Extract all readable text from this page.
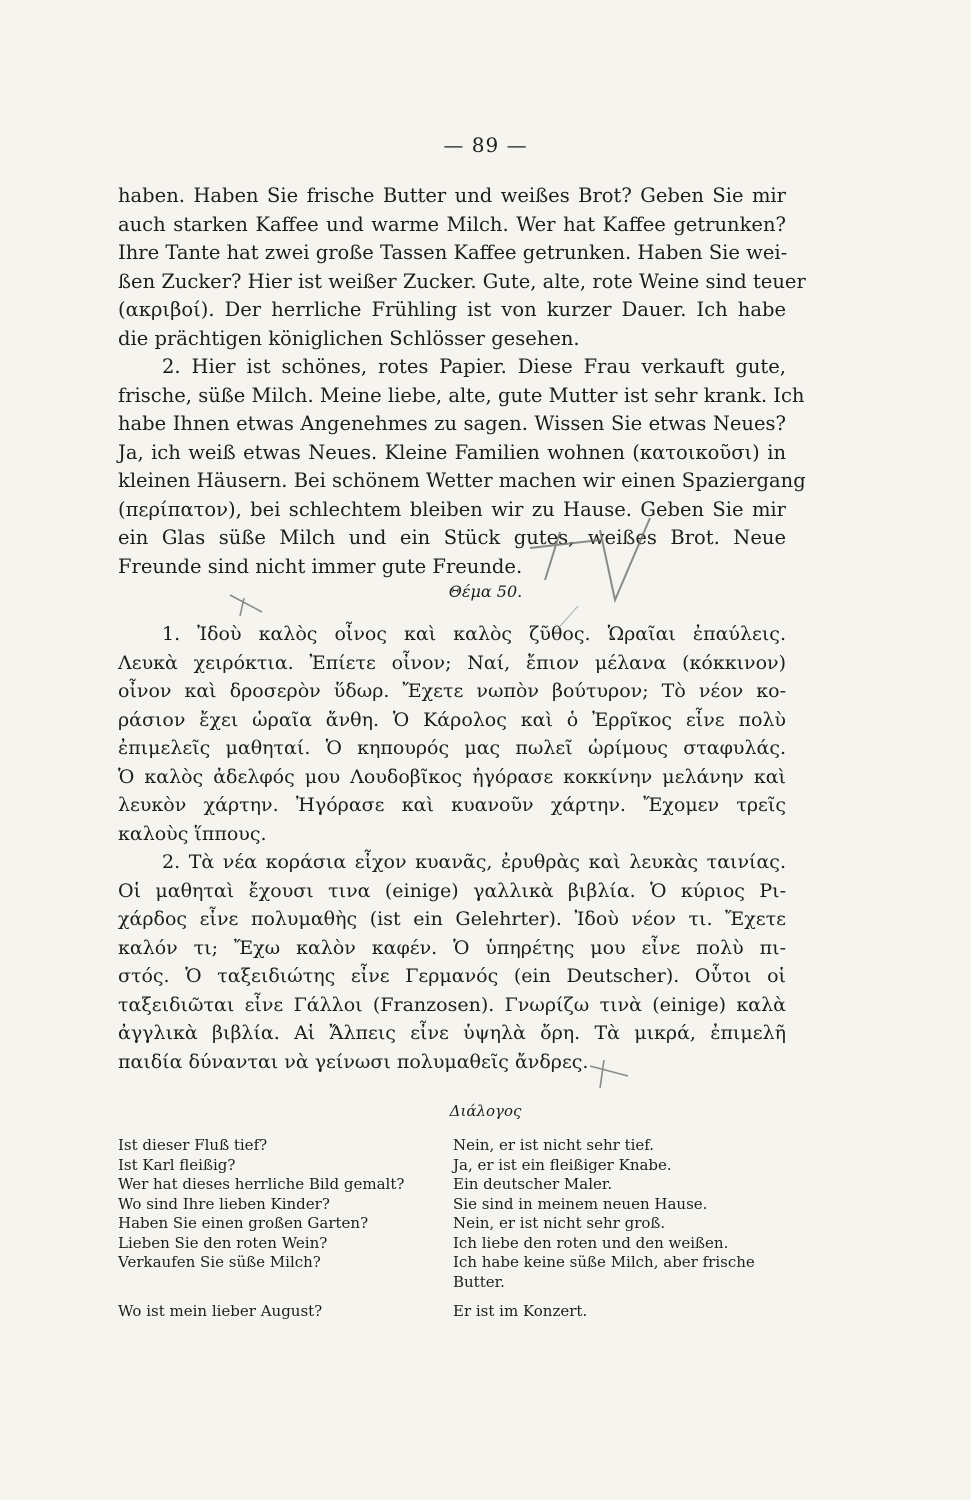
— 89 —
haben. Haben Sie frische Butter und weißes Brot? Geben Sie mir
auch starken Kaffee und warme Milch. Wer hat Kaffee getrunken?
Ihre Tante hat zwei große Tassen Kaffee getrunken. Haben Sie wei-
ßen Zucker? Hier ist weißer Zucker. Gute, alte, rote Weine sind teuer
(ακριβοί). Der herrliche Frühling ist von kurzer Dauer. Ich habe
die prächtigen königlichen Schlösser gesehen.
2. Hier ist schönes, rotes Papier. Diese Frau verkauft gute,
frische, süße Milch. Meine liebe, alte, gute Mutter ist sehr krank. Ich
habe Ihnen etwas Angenehmes zu sagen. Wissen Sie etwas Neues?
Ja, ich weiß etwas Neues. Kleine Familien wohnen (κατοικοῦσι) in
kleinen Häusern. Bei schönem Wetter machen wir einen Spaziergang
(περίπατον), bei schlechtem bleiben wir zu Hause. Geben Sie mir
ein Glas süße Milch und ein Stück gutes, weißes Brot. Neue
Freunde sind nicht immer gute Freunde.
Θέμα 50.
1. Ἰδοὺ καλὸς οἶνος καὶ καλὸς ζῦθος. Ὡραῖαι ἐπαύλεις.
Λευκὰ χειρόκτια. Ἐπίετε οἶνον; Ναί, ἔπιον μέλανα (κόκκινον)
οἶνον καὶ δροσερὸν ὕδωρ. Ἔχετε νωπὸν βούτυρον; Τὸ νέον κο-
ράσιον ἔχει ὡραῖα ἄνθη. Ὁ Κάρολος καὶ ὁ Ἐρρῖκος εἶνε πολὺ
ἐπιμελεῖς μαθηταί. Ὁ κηπουρός μας πωλεῖ ὡρίμους σταφυλάς.
Ὁ καλὸς ἀδελφός μου Λουδοβῖκος ἠγόρασε κοκκίνην μελάνην καὶ
λευκὸν χάρτην. Ἠγόρασε καὶ κυανοῦν χάρτην. Ἔχομεν τρεῖς
καλοὺς ἵππους.
2. Τὰ νέα κοράσια εἶχον κυανᾶς, ἐρυθρὰς καὶ λευκὰς ταινίας.
Οἱ μαθηταὶ ἔχουσι τινα (einige) γαλλικὰ βιβλία. Ὁ κύριος Ρι-
χάρδος εἶνε πολυμαθὴς (ist ein Gelehrter). Ἰδοὺ νέον τι. Ἔχετε
καλόν τι; Ἔχω καλὸν καφέν. Ὁ ὑπηρέτης μου εἶνε πολὺ πι-
στός. Ὁ ταξειδιώτης εἶνε Γερμανός (ein Deutscher). Οὗτοι οἱ
ταξειδιῶται εἶνε Γάλλοι (Franzosen). Γνωρίζω τινὰ (einige) καλὰ
ἀγγλικὰ βιβλία. Αἱ Ἄλπεις εἶνε ὑψηλὰ ὄρη. Τὰ μικρά, ἐπιμελῆ
παιδία δύνανται νὰ γείνωσι πολυμαθεῖς ἄνδρες.
Διάλογος
Ist dieser Fluß tief?
Ist Karl fleißig?
Wer hat dieses herrliche Bild gemalt?
Wo sind Ihre lieben Kinder?
Haben Sie einen großen Garten?
Lieben Sie den roten Wein?
Verkaufen Sie süße Milch?
Wo ist mein lieber August?
Nein, er ist nicht sehr tief.
Ja, er ist ein fleißiger Knabe.
Ein deutscher Maler.
Sie sind in meinem neuen Hause.
Nein, er ist nicht sehr groß.
Ich liebe den roten und den weißen.
Ich habe keine süße Milch, aber frische
Butter.
Er ist im Konzert.
